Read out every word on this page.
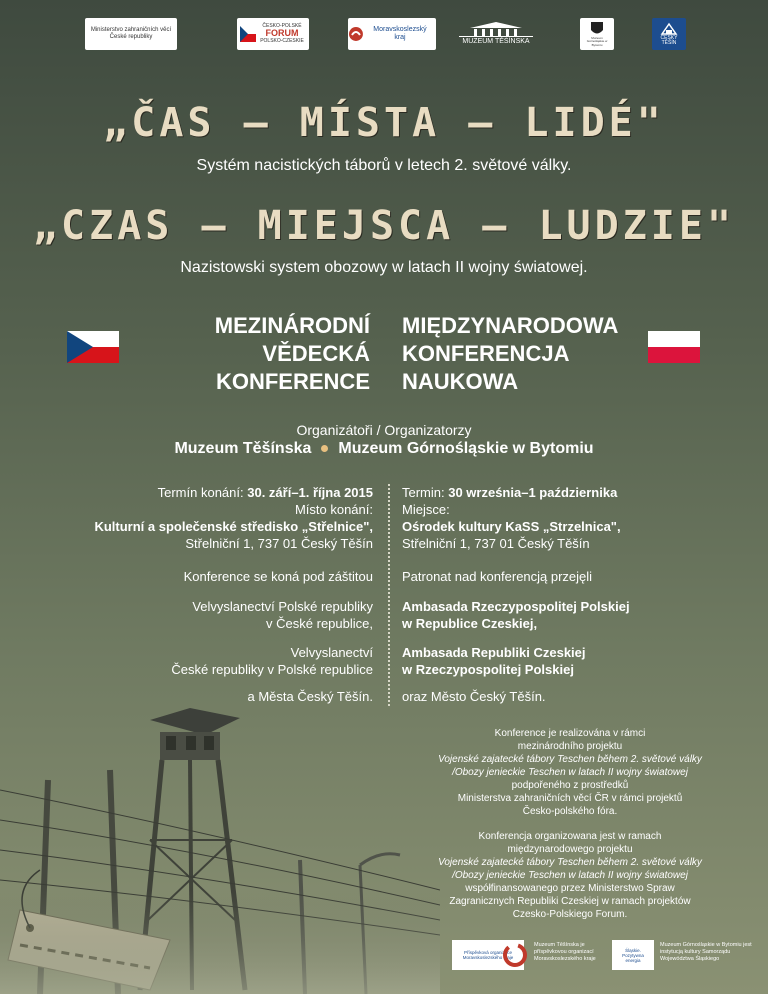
Ministerstvo zahraničních věcí České republiky
ČESKO-POLSKÉ
FORUM
POLSKO-CZESKIE
Moravskoslezský kraj
MUZEUM TĚŠÍNSKA
Muzeum Górnośląskie w Bytomiu
ČESKÝ TĚŠÍN
„ČAS – MÍSTA – LIDÉ"
Systém nacistických táborů v letech 2. světové války.
„CZAS – MIEJSCA – LUDZIE"
Nazistowski system obozowy w latach II wojny światowej.
MEZINÁRODNÍ
VĚDECKÁ
KONFERENCE
MIĘDZYNARODOWA
KONFERENCJA
NAUKOWA
Organizátoři / Organizatorzy
Muzeum Těšínska Muzeum Górnośląskie w Bytomiu
Termín konání: 30. září–1. října 2015
Místo konání:
Kulturní a společenské středisko „Střelnice",
Střelniční 1, 737 01 Český Těšín
Termin: 30 września–1 października
Miejsce:
Ośrodek kultury KaSS „Strzelnica",
Střelniční 1, 737 01 Český Těšín
Konference se koná pod záštitou Patronat nad konferencją przejęli
Velvyslanectví Polské republiky
v České republice,
Ambasada Rzeczypospolitej Polskiej
w Republice Czeskiej,
Velvyslanectví
České republiky v Polské republice
Ambasada Republiki Czeskiej
w Rzeczypospolitej Polskiej
a Města Český Těšín. oraz Město Český Těšín.
Konference je realizována v rámci
mezinárodního projektu
Vojenské zajatecké tábory Teschen během 2. světové války
/Obozy jenieckie Teschen w latach II wojny światowej
podpořeného z prostředků
Ministerstva zahraničních věcí ČR v rámci projektů
Česko-polského fóra.
Konferencja organizowana jest w ramach
międzynarodowego projektu
Vojenské zajatecké tábory Teschen během 2. světové války
/Obozy jenieckie Teschen w latach II wojny światowej
współfinansowanego przez Ministerstwo Spraw
Zagranicznych Republiki Czeskiej w ramach projektów
Czesko-Polskiego Forum.
Příspěvková organizace Moravskoslezského kraje
Muzeum Těšínska je příspěvkovou organizací Moravskoslezského kraje
Śląskie. Pozytywna energia
Muzeum Górnośląskie w Bytomiu jest instytucją kultury Samorządu Województwa Śląskiego
